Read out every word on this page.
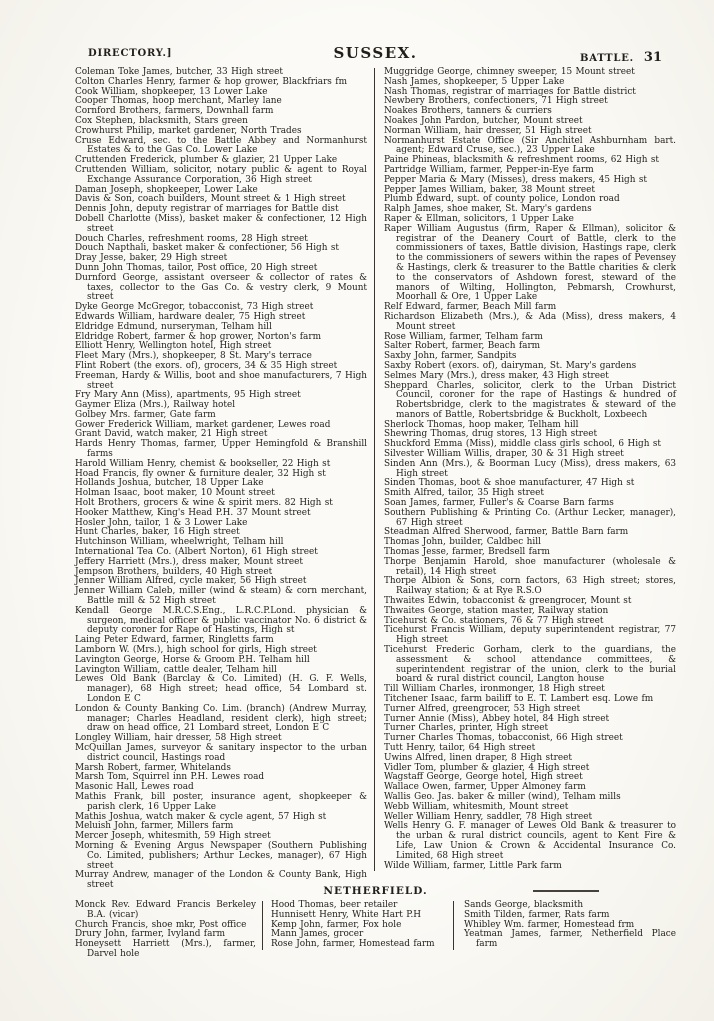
DIRECTORY.]	SUSSEX.	BATTLE. 31

Coleman Toke James, butcher, 33 High street

Colton Charles Henry, farmer & hop grower, Blackfriars fm

Cook William, shopkeeper, 13 Lower Lake

Cooper Thomas, hoop merchant, Marley lane

Cornford Brothers, farmers, Downhall farm

Cox Stephen, blacksmith, Stars green

Crowhurst Philip, market gardener, North Trades

Cruse Edward, sec. to the Battle Abbey and Normanhurst Estates & to the Gas Co. Lower Lake

Cruttenden Frederick, plumber & glazier, 21 Upper Lake

Cruttenden William, solicitor, notary public & agent to Royal Exchange Assurance Corporation, 36 High street

Daman Joseph, shopkeeper, Lower Lake

Davis & Son, coach builders, Mount street & 1 High street

Dennis John, deputy registrar of marriages for Battle dist

Dobell Charlotte (Miss), basket maker & confectioner, 12 High street

Douch Charles, refreshment rooms, 28 High street

Douch Napthali, basket maker & confectioner, 56 High st

Dray Jesse, baker, 29 High street

Dunn John Thomas, tailor, Post office, 20 High street

Durnford George, assistant overseer & collector of rates & taxes, collector to the Gas Co. & vestry clerk, 9 Mount street

Dyke George McGregor, tobacconist, 73 High street

Edwards William, hardware dealer, 75 High street

Eldridge Edmund, nurseryman, Telham hill

Eldridge Robert, farmer & hop grower, Norton's farm

Elliott Henry, Wellington hotel, High street

Fleet Mary (Mrs.), shopkeeper, 8 St. Mary's terrace

Flint Robert (the exors. of), grocers, 34 & 35 High street

Freeman, Hardy & Willis, boot and shoe manufacturers, 7 High street

Fry Mary Ann (Miss), apartments, 95 High street

Gaymer Eliza (Mrs.), Railway hotel

Golbey Mrs. farmer, Gate farm

Gower Frederick William, market gardener, Lewes road

Grant David, watch maker, 21 High street

Hards Henry Thomas, farmer, Upper Hemingfold & Branshill farms

Harold William Henry, chemist & bookseller, 22 High st

Hoad Francis, fly owner & furniture dealer, 32 High st

Hollands Joshua, butcher, 18 Upper Lake

Holman Isaac, boot maker, 10 Mount street

Holt Brothers, grocers & wine & spirit mers. 82 High st

Hooker Matthew, King's Head P.H. 37 Mount street

Hosler John, tailor, 1 & 3 Lower Lake

Hunt Charles, baker, 16 High street

Hutchinson William, wheelwright, Telham hill

International Tea Co. (Albert Norton), 61 High street

Jeffery Harriett (Mrs.), dress maker, Mount street

Jempson Brothers, builders, 40 High street

Jenner William Alfred, cycle maker, 56 High street

Jenner William Caleb, miller (wind & steam) & corn merchant, Battle mill & 52 High street

Kendall George M.R.C.S.Eng., L.R.C.P.Lond. physician & surgeon, medical officer & public vaccinator No. 6 district & deputy coroner for Rape of Hastings, High st

Laing Peter Edward, farmer, Ringletts farm

Lamborn W. (Mrs.), high school for girls, High street

Lavington George, Horse & Groom P.H. Telham hill

Lavington William, cattle dealer, Telham hill

Lewes Old Bank (Barclay & Co. Limited) (H. G. F. Wells, manager), 68 High street; head office, 54 Lombard st. London E C

London & County Banking Co. Lim. (branch) (Andrew Murray, manager; Charles Headland, resident clerk), high street; draw on head office, 21 Lombard street, London E C

Longley William, hair dresser, 58 High street

McQuillan James, surveyor & sanitary inspector to the urban district council, Hastings road

Marsh Robert, farmer, Whitelands

Marsh Tom, Squirrel inn P.H. Lewes road

Masonic Hall, Lewes road

Mathis Frank, bill poster, insurance agent, shopkeeper & parish clerk, 16 Upper Lake

Mathis Joshua, watch maker & cycle agent, 57 High st

Meluish John, farmer, Millers farm

Mercer Joseph, whitesmith, 59 High street

Morning & Evening Argus Newspaper (Southern Publishing Co. Limited, publishers; Arthur Leckes, manager), 67 High street

Murray Andrew, manager of the London & County Bank, High street

Muggridge George, chimney sweeper, 15 Mount street

Nash James, shopkeeper, 5 Upper Lake

Nash Thomas, registrar of marriages for Battle district

Newbery Brothers, confectioners, 71 High street

Noakes Brothers, tanners & curriers

Noakes John Pardon, butcher, Mount street

Norman William, hair dresser, 51 High street

Normanhurst Estate Office (Sir Anchitel Ashburnham bart. agent; Edward Cruse, sec.), 23 Upper Lake

Paine Phineas, blacksmith & refreshment rooms, 62 High st

Partridge William, farmer, Pepper-in-Eye farm

Pepper Maria & Mary (Misses), dress makers, 45 High st

Pepper James William, baker, 38 Mount street

Plumb Edward, supt. of county police, London road

Ralph James, shoe maker, St. Mary's gardens

Raper & Ellman, solicitors, 1 Upper Lake

Raper William Augustus (firm, Raper & Ellman), solicitor & registrar of the Deanery Court of Battle, clerk to the commissioners of taxes, Battle division, Hastings rape, clerk to the commissioners of sewers within the rapes of Pevensey & Hastings, clerk & treasurer to the Battle charities & clerk to the conservators of Ashdown forest, steward of the manors of Wilting, Hollington, Pebmarsh, Crowhurst, Moorhall & Ore, 1 Upper Lake

Relf Edward, farmer, Beach Mill farm

Richardson Elizabeth (Mrs.), & Ada (Miss), dress makers, 4 Mount street

Rose William, farmer, Telham farm

Salter Robert, farmer, Beach farm

Saxby John, farmer, Sandpits

Saxby Robert (exors. of), dairyman, St. Mary's gardens

Selmes Mary (Mrs.), dress maker, 43 High street

Sheppard Charles, solicitor, clerk to the Urban District Council, coroner for the rape of Hastings & hundred of Robertsbridge, clerk to the magistrates & steward of the manors of Battle, Robertsbridge & Buckholt, Loxbeech

Sherlock Thomas, hoop maker, Telham hill

Shewring Thomas, drug stores, 13 High street

Shuckford Emma (Miss), middle class girls school, 6 High st

Silvester William Willis, draper, 30 & 31 High street

Sinden Ann (Mrs.), & Boorman Lucy (Miss), dress makers, 63 High street

Sinden Thomas, boot & shoe manufacturer, 47 High st

Smith Alfred, tailor, 35 High street

Soan James, farmer, Fuller's & Coarse Barn farms

Southern Publishing & Printing Co. (Arthur Lecker, manager), 67 High street

Steadman Alfred Sherwood, farmer, Battle Barn farm

Thomas John, builder, Caldbec hill

Thomas Jesse, farmer, Bredsell farm

Thorpe Benjamin Harold, shoe manufacturer (wholesale & retail), 14 High street

Thorpe Albion & Sons, corn factors, 63 High street; stores, Railway station; & at Rye R.S.O

Thwaites Edwin, tobacconist & greengrocer, Mount st

Thwaites George, station master, Railway station

Ticehurst & Co. stationers, 76 & 77 High street

Ticehurst Francis William, deputy superintendent registrar, 77 High street

Ticehurst Frederic Gorham, clerk to the guardians, the assessment & school attendance committees, & superintendent registrar of the union, clerk to the burial board & rural district council, Langton house

Till William Charles, ironmonger, 18 High street

Titchener Isaac, farm bailiff to E. T. Lambert esq. Lowe fm

Turner Alfred, greengrocer, 53 High street

Turner Annie (Miss), Abbey hotel, 84 High street

Turner Charles, printer, High street

Turner Charles Thomas, tobacconist, 66 High street

Tutt Henry, tailor, 64 High street

Uwins Alfred, linen draper, 8 High street

Vidler Tom, plumber & glazier, 4 High street

Wagstaff George, George hotel, High street

Wallace Owen, farmer, Upper Almoney farm

Wallis Geo. Jas. baker & miller (wind), Telham mills

Webb William, whitesmith, Mount street

Weller William Henry, saddler, 78 High street

Wells Henry G. F. manager of Lewes Old Bank & treasurer to the urban & rural district councils, agent to Kent Fire & Life, Law Union & Crown & Accidental Insurance Co. Limited, 68 High street

Wilde William, farmer, Little Park farm

NETHERFIELD.

Monck Rev. Edward Francis Berkeley B.A. (vicar)

Church Francis, shoe mkr, Post office

Drury John, farmer, Ivyland farm

Honeysett Harriett (Mrs.), farmer, Darvel hole

Hood Thomas, beer retailer

Hunnisett Henry, White Hart P.H

Kemp John, farmer, Fox hole

Mann James, grocer

Rose John, farmer, Homestead farm

Sands George, blacksmith

Smith Tilden, farmer, Rats farm

Whibley Wm. farmer, Homestead frm

Yeatman James, farmer, Netherfield Place farm
